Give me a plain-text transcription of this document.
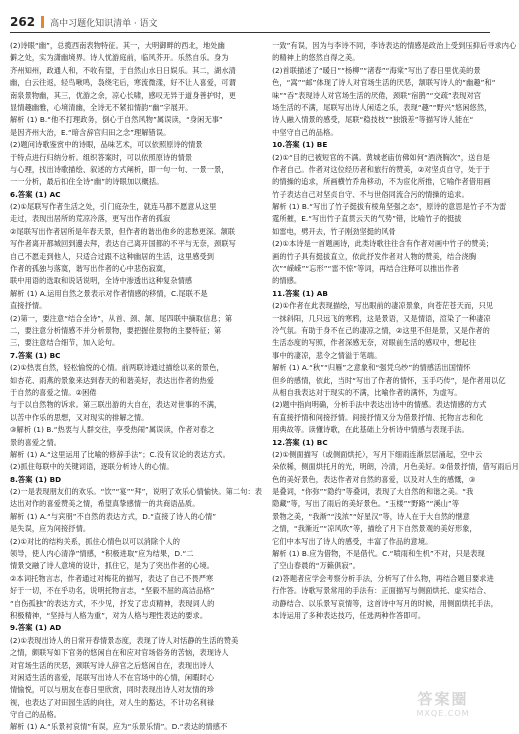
262 高中习题化知识清单 · 语文
(2)诗眼“幽”，总揽西南表物特征。其一，大明御畔的西北，地处幽
僻之处，实为潇幽境界。诗人忧游庭前，临风芥开。乐然自乐。身为
齐州知州，政通人和，不收有望，于自然山水日日娱乐。其二，湖水清
幽，白云往返，轻鸟啾鸣，袅绕宅后，寒流微漾，好不让人喜爱，可谓
南泉景物幽，其三，优游之余，凉心长啸，感叹无异于道身善护时，更
显情趣幽雅，心境清幽，全诗无不紧扣情韵“幽”字展开。
解析 (1) B.“他不打理政务，倒心于自然风物”属误读，“身闲无事”
是因齐州大治，E.“暗含辞官归田之念”理解错误。
(2)题问诗歌鉴赏中的诗眼，品味艺术，可以依照原诗的情景
于特点进行归纳分析。组织答案时，可以依照原诗的情景
与心理，找出诗歌描绘、叙述的方式阐析，即一句一句、一景一景，
一一分析，最后扣住全诗“幽”的诗眼加以概括。
6.答案 (1) AC
(2)①尾联写作者生活之处，引门庭杂生，就连马都不愿意从这里
走过，表现出居所的荒凉冷落，更写出作者的孤寂
②尾联写出作者居所是年春天景，但作者的谐出他乡的悲愁更深。颔联
写作者离开都城回到邊去拜，表达自己离开国都的不平与无奈，颈联写
自己不愿走到他人，只适合过跟不这种幽居的生活，这里感受到
作者的孤独与落寞，谐写出作者的心中悲伤寂寞，
联中用语的选取和说话说明，全诗中渗透出这种复杂情感
解析 (1) A.运用自然之景表示对作者情感的移情，C.尾联不是
直接抒情。
(2)第一，要注意“结合全诗”，从首、颈、颔、尾四联中摘取信息；第
二，要注意分析情感不并分析景物，要把握住景物的主要特征；第
三，要注意结合细节，加入论句。
7.答案 (1) BC
(2)①热衷自然，轻松愉悦的心情。前两联诗通过描绘以来的景色，
如杏花、雨燕的景象来达到春天的和谐美好，表达出作者的热爱
于自然的喜爱之情。②困倦
与于以自然物的诉求。第三联出游的大自在，表达对世事的不满，
以苦中作乐的思想，又对现实的排解之情。
③解析 (1) B.“热衷与人群交往，享受热闹”属误读，作者对春之
景的喜爱之情。
解析 (1) A.“这里运用了比喻的修辞手法”；C.没有议论的表达方式。
(2)抓住每联中的关键词语，逐联分析诗人的心情。
8.答案 (1) BD
(2)一是表现朋友们的欢乐。“饮”“宴”“拜”，说明了欢乐心情愉快。第二句：表
达出对作的喜爱赞美之情，希望真挚感情一的共商语品质。
解析 (1) A.“与宾朋”不自然的表达方式，D.“直接了诗人的心情”
是失误，应为间接抒情。
(2)①对比的结构关系，抓住心情色以可以消除个人的
领导，使人内心清净”情感，“积极进取”应为结果，D.“二
情景交融了诗人意境的设计，抓住它，是为了突出作者的心境。
②本词托物言志，作者通过对梅花的描写，表达了自己不畏严寒
好于一切，不在乎功名，说明托物言志，“坚毅不屈的高洁品格”
“自伤孤独”的表达方式，不少见，抒发了忠贞精神，表现词人的
积极精神，“坚持与人格为重”，对为人格与理性表达的要求。
9.答案 (1) AD
(2)①表现出诗人的日常开春情景态度，表现了诗人对恬静的生活的赞美
之情，颇联写如下官务的悠闲自在和应对官场俗务的苦恼，表现诗人
对官场生活的厌恶，颈联写诗人辞官之后悠闲自在，表现出诗人
对闲适生活的喜爱，尾联写出诗人不在官场中的心情，闲暇时心
情愉悦，可以与朋友在春日里欣赏，同时表现出诗人对友情的珍
视，也表达了对田园生活的向往，对人生的豁达，不计功名利禄
守自己的品格。
解析 (1) A.“乐景衬哀情”有误，应为“乐景乐情”。D.“表达的情感不
一致”有误，因为与李诗不同，李诗表达的情感是政治上受到压抑后寻求内心
的精神上的悠然自得之美。
(2)首联描述了“暖日”“杨柳”“渚春”“海棠”写出了春日里优美的景
色，“嵩”“邮”体现了诗人对官场生活的厌恶，颔联写诗人的“幽趣”和“
味”“吞”表现诗人对官场生活的厌倦，颈联“宿鹊”“交疏”表现对宫
场生活的不满，尾联写出诗人闲适之乐，表现“趣”“野兴”悠闲悠然，
诗人融入情景的感受，尾联“稳技枝”“独饿差”等描写诗人能在“
中坚守自己的品格。
10.答案 (1) BE
(2)①“目的已被短官的不满。黄城老庙仿佛如何“酒浇胸次”，送自是
作者自己。作者对这位经历者和旅行的赞美，②对坚贞自守，处于于
的情操的追求，所画横竹乔角移动，不为宦化所推，它喻作者借用画
竹子表达自己对坚贞自守、不与世俗同流合污的情操的追求。
解析 (1) B.“写出了竹子挺拔有棱角坚强之态”，原诗的意思是竹子不为雷
霆所摧，E.“写出竹子直贯云天的气势”错，比喻竹子的挺拔
如雷电，劈开去，竹子刚劲坚挺的风骨
(2)①本诗是一首题画诗，此类诗歌往往含有作者对画中竹子的赞美；
画的竹子具有挺拔直立，依此抒发作者对人物的赞美，结合浇胸
次”“嵘嵘”“忘形”“雷不惊”等词，再结合注释可以推出作者
的情感。
11.答案 (1) AB
(2)①作者在此表现描绘，写出眼前的凄凉景象，向苍茫苍天而，只见
一抹斜阳，几只远飞的寒鸦，这是景语，又是情语，渲染了一种凄凉
冷气氛。有助于身不在己的凄凉之情，②这里不但是景，又是作者的
生活态度的写照，作者深感无奈，对眼前生活的感叹中，想起往
事中的凄凉，悲令之情溢于笔端。
解析 (1) A.“秋”“归雁”之意象和“强凭乌纱”的情感活出国情怀
但乡的感情，依此，当时“写出了作者的情怀，玉手巧传”，是作者用以亿
从相自我表达对于现实的不满，比喻作者的满怀，为虚写。
(2)题中指向明确，分析手法中表达出诗中的情感。表达情感的方式
有直接抒情和间接抒情。间接抒情又分为借景抒情、托物言志和化
用典故等。读懂诗歌，在此基础上分析诗中情感与表现手法。
12.答案 (1) BC
(2)①侧面描写（或侧面烘托），写月下细雨连渐层层涌起，空中云
朵依稀，侧面烘托月的光，明朗，冷清，月色美好。②借景抒情，借写雨后月
色的美好景色，表达作者对自然的喜爱，以及对人生的感慨，③
是叠词，“你弥”“隐约”等叠词，表现了大自然的和谐之美。“我
隐藏”等，写出了雨后的美好景色。“玉楼”“野路”“溪山”等
景物之美，“我渐”“浅浓”“好星汉”等，诗人在于大自然的惬意
之情，“我渐近”“凉风吹”等，描绘了月下自然景观的美好形象，
它们中本写出了诗人的感受，丰富了作品的意境。
解析 (1) B.应为借物，不是借代。C.“喷雨和生机”不对，只是表现
了空山春晨的“万籁俱寂”。
(2)答题者应学会考察分析手法，分析写了什么物，再结合题目要求进
行作答。诗歌写景常用的手法有：正面描写与侧面烘托、虚实结合、
动静结合、以乐景写哀情等，这首诗中写月的时候，用侧面烘托手法，
本诗运用了多种表达技巧，任选两种作答即可。
答案圈
MXQE.COM
